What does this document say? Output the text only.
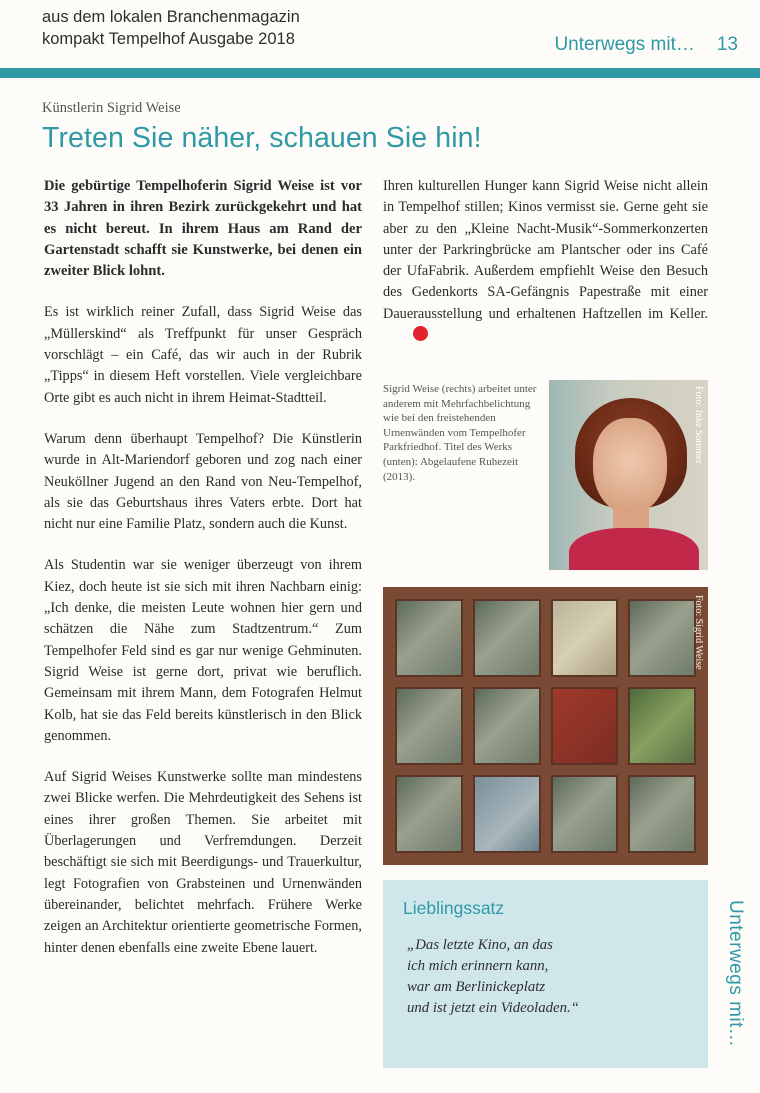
aus dem lokalen Branchenmagazin
kompakt Tempelhof Ausgabe 2018	Unterwegs mit… 13
Künstlerin Sigrid Weise
Treten Sie näher, schauen Sie hin!

Die gebürtige Tempelhoferin Sigrid Weise ist vor 33 Jahren in ihren Bezirk zurückgekehrt und hat es nicht bereut. In ihrem Haus am Rand der Gartenstadt schafft sie Kunstwerke, bei denen ein zweiter Blick lohnt.

Es ist wirklich reiner Zufall, dass Sigrid Weise das „Müllerskind“ als Treffpunkt für unser Gespräch vorschlägt – ein Café, das wir auch in der Rubrik „Tipps“ in diesem Heft vorstellen. Viele vergleichbare Orte gibt es auch nicht in ihrem Heimat-Stadtteil.

Warum denn überhaupt Tempelhof? Die Künstlerin wurde in Alt-Mariendorf geboren und zog nach einer Neuköllner Jugend an den Rand von Neu-Tempelhof, als sie das Geburtshaus ihres Vaters erbte. Dort hat nicht nur eine Familie Platz, sondern auch die Kunst.

Als Studentin war sie weniger überzeugt von ihrem Kiez, doch heute ist sie sich mit ihren Nachbarn einig: „Ich denke, die meisten Leute wohnen hier gern und schätzen die Nähe zum Stadtzentrum.“ Zum Tempelhofer Feld sind es gar nur wenige Gehminuten. Sigrid Weise ist gerne dort, privat wie beruflich. Gemeinsam mit ihrem Mann, dem Fotografen Helmut Kolb, hat sie das Feld bereits künstlerisch in den Blick genommen.

Auf Sigrid Weises Kunstwerke sollte man mindestens zwei Blicke werfen. Die Mehrdeutigkeit des Sehens ist eines ihrer großen Themen. Sie arbeitet mit Überlagerungen und Verfremdungen. Derzeit beschäftigt sie sich mit Beerdigungs- und Trauerkultur, legt Fotografien von Grabsteinen und Urnenwänden übereinander, belichtet mehrfach. Frühere Werke zeigen an Architektur orientierte geometrische Formen, hinter denen ebenfalls eine zweite Ebene lauert.

Ihren kulturellen Hunger kann Sigrid Weise nicht allein in Tempelhof stillen; Kinos vermisst sie. Gerne geht sie aber zu den „Kleine Nacht-Musik“-Sommerkonzerten unter der Parkringbrücke am Plantscher oder ins Café der UfaFabrik. Außerdem empfiehlt Weise den Besuch des Gedenkorts SA-Gefängnis Papestraße mit einer Dauerausstellung und erhaltenen Haftzellen im Keller.
Sigrid Weise (rechts) arbeitet unter anderem mit Mehrfachbelichtung wie bei den freistehenden Urnenwänden vom Tempelhofer Parkfriedhof. Titel des Werks (unten): Abgelaufene Ruhezeit (2013).
Foto: Inke Sommer
Foto: Sigrid Weise
Lieblingssatz
„Das letzte Kino, an das
ich mich erinnern kann,
war am Berlinickeplatz
und ist jetzt ein Videoladen.“	Unterwegs mit…
